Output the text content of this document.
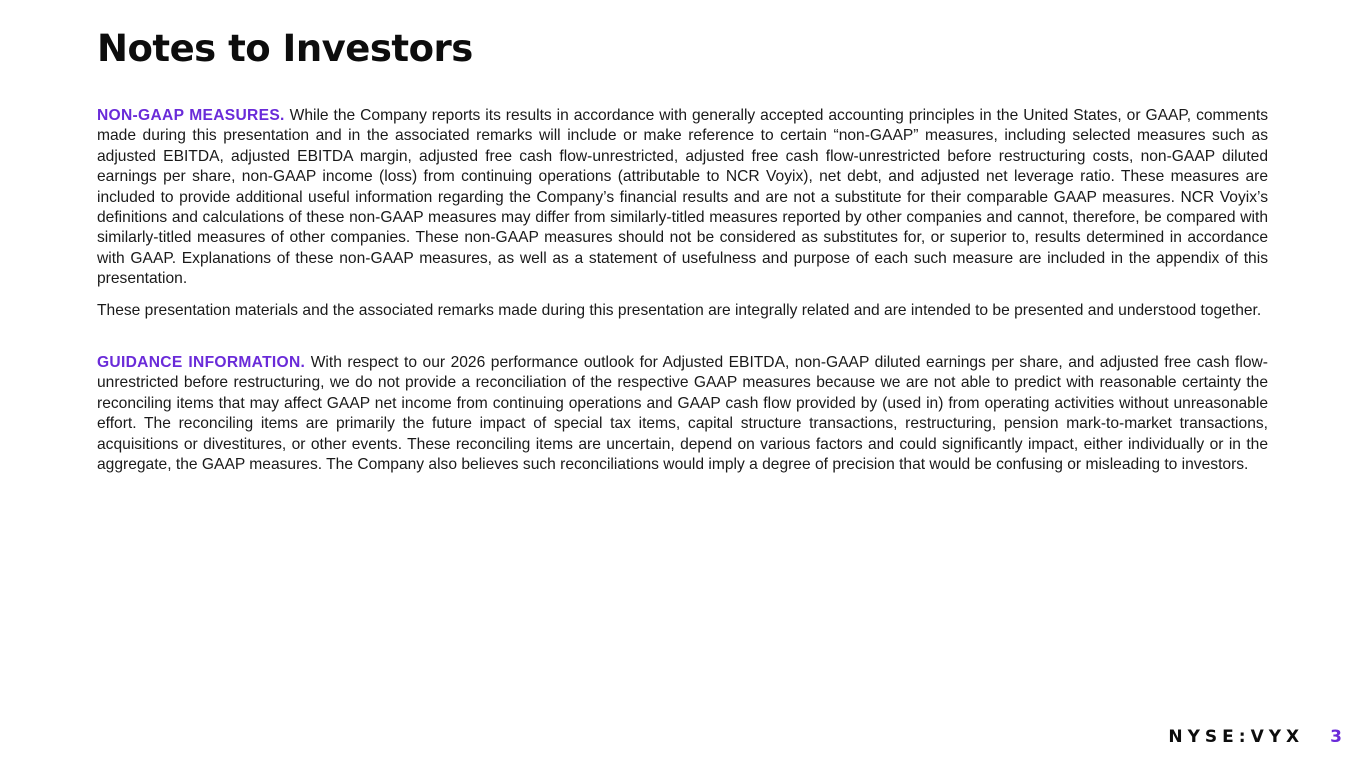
Notes to Investors

NON-GAAP MEASURES. While the Company reports its results in accordance with generally accepted accounting principles in the United States, or GAAP, comments made during this presentation and in the associated remarks will include or make reference to certain “non-GAAP” measures, including selected measures such as adjusted EBITDA, adjusted EBITDA margin, adjusted free cash flow-unrestricted, adjusted free cash flow-unrestricted before restructuring costs, non-GAAP diluted earnings per share, non-GAAP income (loss) from continuing operations (attributable to NCR Voyix), net debt, and adjusted net leverage ratio. These measures are included to provide additional useful information regarding the Company’s financial results and are not a substitute for their comparable GAAP measures. NCR Voyix’s definitions and calculations of these non-GAAP measures may differ from similarly-titled measures reported by other companies and cannot, therefore, be compared with similarly-titled measures of other companies. These non-GAAP measures should not be considered as substitutes for, or superior to, results determined in accordance with GAAP. Explanations of these non-GAAP measures, as well as a statement of usefulness and purpose of each such measure are included in the appendix of this presentation.

These presentation materials and the associated remarks made during this presentation are integrally related and are intended to be presented and understood together.

GUIDANCE INFORMATION. With respect to our 2026 performance outlook for Adjusted EBITDA, non-GAAP diluted earnings per share, and adjusted free cash flow-unrestricted before restructuring, we do not provide a reconciliation of the respective GAAP measures because we are not able to predict with reasonable certainty the reconciling items that may affect GAAP net income from continuing operations and GAAP cash flow provided by (used in) from operating activities without unreasonable effort. The reconciling items are primarily the future impact of special tax items, capital structure transactions, restructuring, pension mark-to-market transactions, acquisitions or divestitures, or other events. These reconciling items are uncertain, depend on various factors and could significantly impact, either individually or in the aggregate, the GAAP measures. The Company also believes such reconciliations would imply a degree of precision that would be confusing or misleading to investors.

NYSE:VYX 3
